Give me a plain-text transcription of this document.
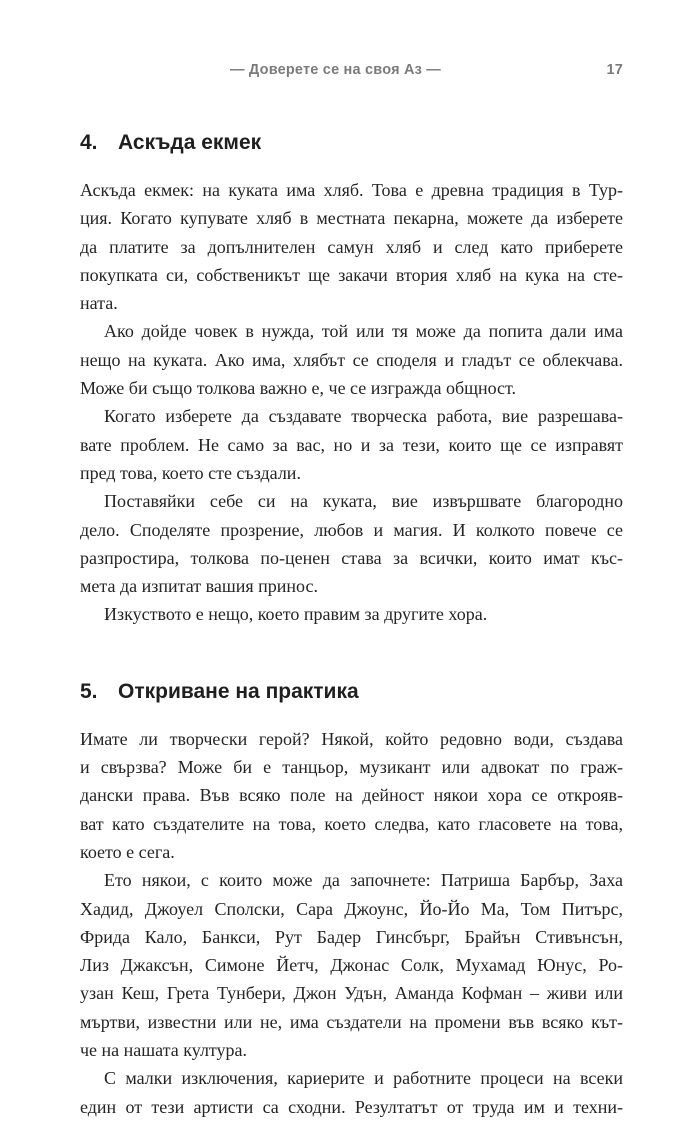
— Доверете се на своя Аз —	17
4. Аскъда екмек
Аскъда екмек: на куката има хляб. Това е древна традиция в Тур-
ция. Когато купувате хляб в местната пекарна, можете да изберете
да платите за допълнителен самун хляб и след като приберете
покупката си, собственикът ще закачи втория хляб на кука на сте-
ната.
Ако дойде човек в нужда, той или тя може да попита дали има
нещо на куката. Ако има, хлябът се споделя и гладът се облекчава.
Може би също толкова важно е, че се изгражда общност.
Когато изберете да създавате творческа работа, вие разрешава-
вате проблем. Не само за вас, но и за тези, които ще се изправят
пред това, което сте създали.
Поставяйки себе си на куката, вие извършвате благородно
дело. Споделяте прозрение, любов и магия. И колкото повече се
разпростира, толкова по-ценен става за всички, които имат къс-
мета да изпитат вашия принос.
Изкуството е нещо, което правим за другите хора.
5. Откриване на практика
Имате ли творчески герой? Някой, който редовно води, създава
и свързва? Може би е танцьор, музикант или адвокат по граж-
дански права. Във всяко поле на дейност някои хора се открояв-
ват като създателите на това, което следва, като гласовете на това,
което е сега.
Ето някои, с които може да започнете: Патриша Барбър, Заха
Хадид, Джоуел Сполски, Сара Джоунс, Йо-Йо Ма, Том Питърс,
Фрида Кало, Банкси, Рут Бадер Гинсбърг, Брайън Стивънсън,
Лиз Джаксън, Симоне Йетч, Джонас Солк, Мухамад Юнус, Ро-
узан Кеш, Грета Тунбери, Джон Удън, Аманда Кофман – живи или
мъртви, известни или не, има създатели на промени във всяко кът-
че на нашата култура.
С малки изключения, кариерите и работните процеси на всеки
един от тези артисти са сходни. Резултатът от труда им и техни-
